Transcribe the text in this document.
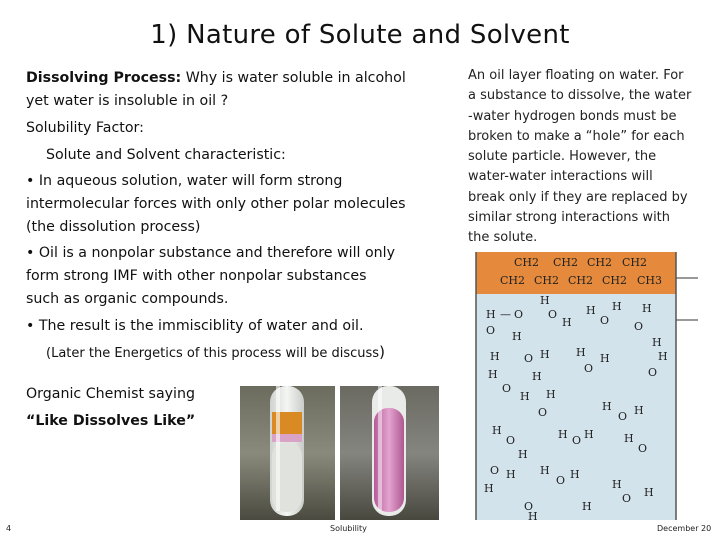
1) Nature of Solute and Solvent
Dissolving Process: Why is water soluble in alcohol
yet water is insoluble in oil ?
Solubility Factor:
Solute and Solvent characteristic:
• In aqueous solution, water will form strong
intermolecular forces with only other polar molecules
(the dissolution process)
• Oil is a nonpolar substance and therefore will only
form strong IMF with other nonpolar substances
such as organic compounds.
• The result is the immisciblity of water and oil.
(Later the Energetics of this process will be discuss)
Organic Chemist saying
“Like Dissolves Like”
An oil layer floating on water. For
a substance to dissolve, the water
-water hydrogen bonds must be
broken to make a “hole” for each
solute particle. However, the
water-water interactions will
break only if they are replaced by
similar strong interactions with
the solute.
CH2 CH2 CH2 CH2
CH2 CH2 CH2 CH2 CH3
H — O
H
O
H
H
H
O
H H
O
H
O
H O H
H
H
O
H	H
O
H
O
H H
O	H
O H
H
O
H
H O H	H
O
O H
H
H
O H
H
O H
O
H
H
4	Solubility	December 20
